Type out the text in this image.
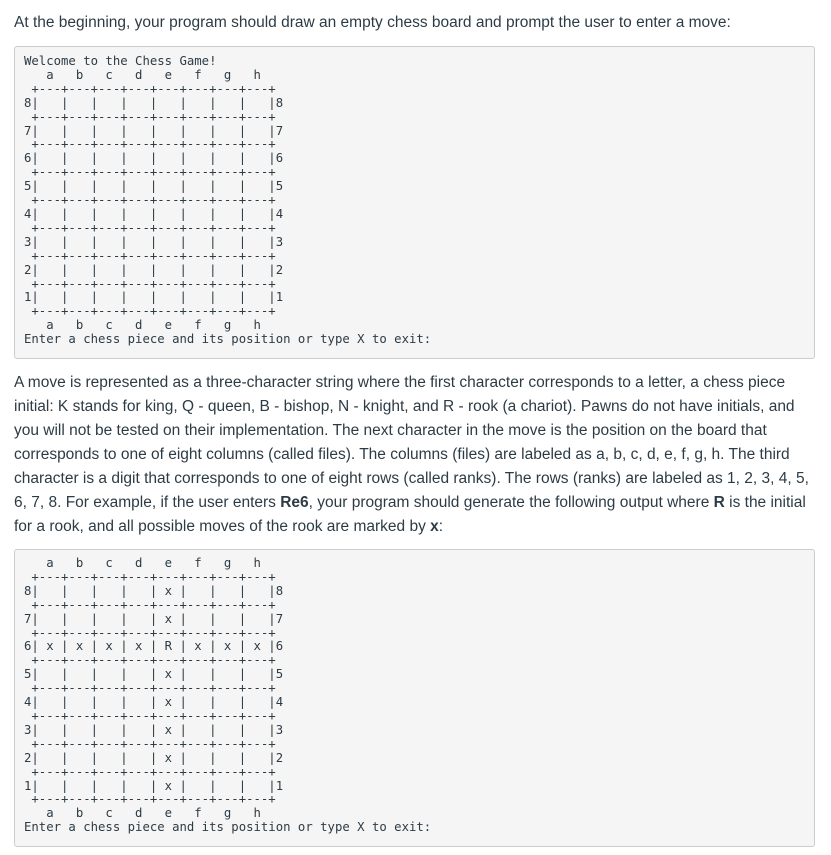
At the beginning, your program should draw an empty chess board and prompt the user to enter a move:

Welcome to the Chess Game!
a   b   c   d   e   f   g   h
+---+---+---+---+---+---+---+---+
8|   |   |   |   |   |   |   |   |8
+---+---+---+---+---+---+---+---+
7|   |   |   |   |   |   |   |   |7
+---+---+---+---+---+---+---+---+
6|   |   |   |   |   |   |   |   |6
+---+---+---+---+---+---+---+---+
5|   |   |   |   |   |   |   |   |5
+---+---+---+---+---+---+---+---+
4|   |   |   |   |   |   |   |   |4
+---+---+---+---+---+---+---+---+
3|   |   |   |   |   |   |   |   |3
+---+---+---+---+---+---+---+---+
2|   |   |   |   |   |   |   |   |2
+---+---+---+---+---+---+---+---+
1|   |   |   |   |   |   |   |   |1
+---+---+---+---+---+---+---+---+
a   b   c   d   e   f   g   h
Enter a chess piece and its position or type X to exit:

A move is represented as a three-character string where the first character corresponds to a letter, a chess piece initial: K stands for king, Q - queen, B - bishop, N - knight, and R - rook (a chariot). Pawns do not have initials, and you will not be tested on their implementation. The next character in the move is the position on the board that corresponds to one of eight columns (called files). The columns (files) are labeled as a, b, c, d, e, f, g, h. The third character is a digit that corresponds to one of eight rows (called ranks). The rows (ranks) are labeled as 1, 2, 3, 4, 5, 6, 7, 8. For example, if the user enters Re6, your program should generate the following output where R is the initial for a rook, and all possible moves of the rook are marked by x:

a   b   c   d   e   f   g   h
+---+---+---+---+---+---+---+---+
8|   |   |   |   | x |   |   |   |8
+---+---+---+---+---+---+---+---+
7|   |   |   |   | x |   |   |   |7
+---+---+---+---+---+---+---+---+
6| x | x | x | x | R | x | x | x |6
+---+---+---+---+---+---+---+---+
5|   |   |   |   | x |   |   |   |5
+---+---+---+---+---+---+---+---+
4|   |   |   |   | x |   |   |   |4
+---+---+---+---+---+---+---+---+
3|   |   |   |   | x |   |   |   |3
+---+---+---+---+---+---+---+---+
2|   |   |   |   | x |   |   |   |2
+---+---+---+---+---+---+---+---+
1|   |   |   |   | x |   |   |   |1
+---+---+---+---+---+---+---+---+
a   b   c   d   e   f   g   h
Enter a chess piece and its position or type X to exit:
